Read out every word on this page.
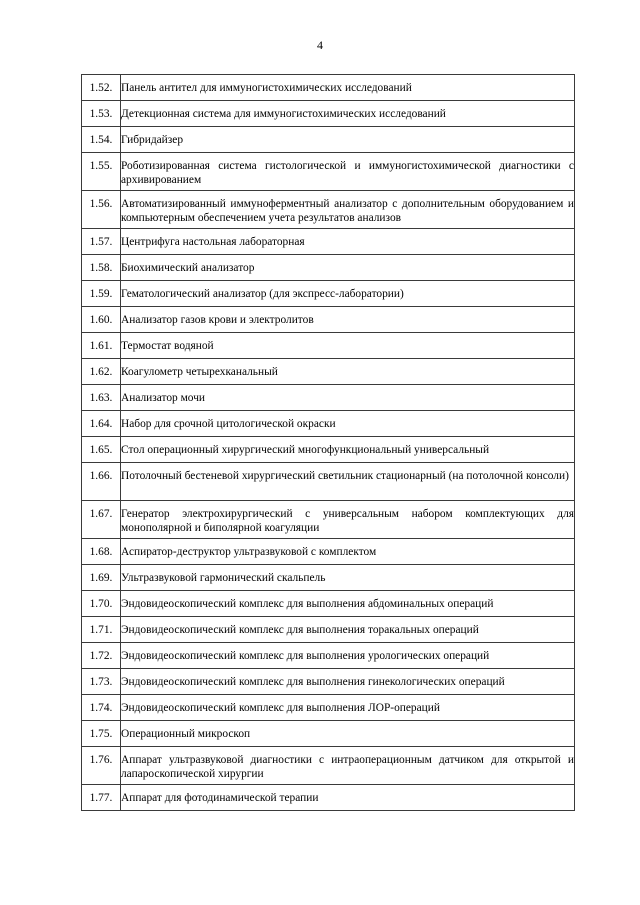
4
1.52.	Панель антител для иммуногистохимических исследований
1.53.	Детекционная система для иммуногистохимических исследований
1.54.	Гибридайзер
1.55.	Роботизированная система гистологической и иммуногистохимической диагностики с архивированием
1.56.	Автоматизированный иммуноферментный анализатор с дополнительным оборудованием и компьютерным обеспечением учета результатов анализов
1.57.	Центрифуга настольная лабораторная
1.58.	Биохимический анализатор
1.59.	Гематологический анализатор (для экспресс-лаборатории)
1.60.	Анализатор газов крови и электролитов
1.61.	Термостат водяной
1.62.	Коагулометр четырехканальный
1.63.	Анализатор мочи
1.64.	Набор для срочной цитологической окраски
1.65.	Стол операционный хирургический многофункциональный универсальный
1.66.	Потолочный бестеневой хирургический светильник стационарный (на потолочной консоли)
1.67.	Генератор электрохирургический с универсальным набором комплектующих для монополярной и биполярной коагуляции
1.68.	Аспиратор-деструктор ультразвуковой с комплектом
1.69.	Ультразвуковой гармонический скальпель
1.70.	Эндовидеоскопический комплекс для выполнения абдоминальных операций
1.71.	Эндовидеоскопический комплекс для выполнения торакальных операций
1.72.	Эндовидеоскопический комплекс для выполнения урологических операций
1.73.	Эндовидеоскопический комплекс для выполнения гинекологических операций
1.74.	Эндовидеоскопический комплекс для выполнения ЛОР-операций
1.75.	Операционный микроскоп
1.76.	Аппарат ультразвуковой диагностики с интраоперационным датчиком для открытой и лапароскопической хирургии
1.77.	Аппарат для фотодинамической терапии
